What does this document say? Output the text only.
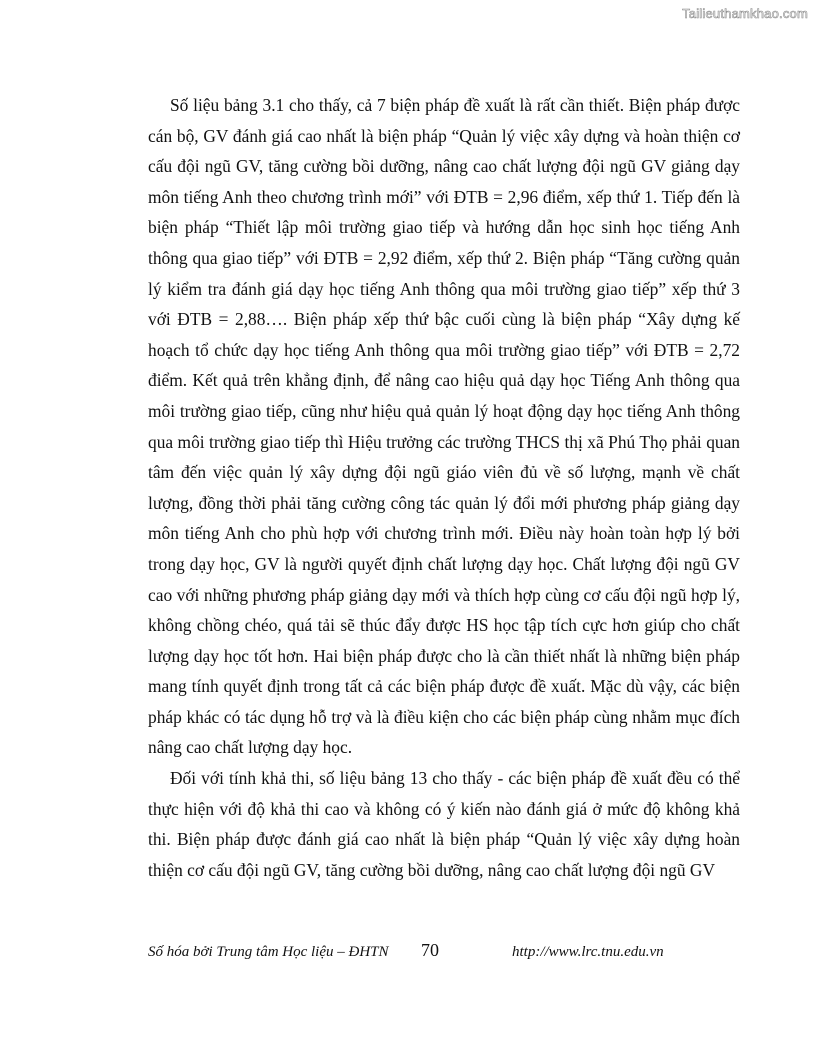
Tailieuthamkhao.com

Số liệu bảng 3.1 cho thấy, cả 7 biện pháp đề xuất là rất cần thiết. Biện pháp được cán bộ, GV đánh giá cao nhất là biện pháp “Quản lý việc xây dựng và hoàn thiện cơ cấu đội ngũ GV, tăng cường bồi dưỡng, nâng cao chất lượng đội ngũ GV giảng dạy môn tiếng Anh theo chương trình mới” với ĐTB = 2,96 điểm, xếp thứ 1. Tiếp đến là biện pháp “Thiết lập môi trường giao tiếp và hướng dẫn học sinh học tiếng Anh thông qua giao tiếp” với ĐTB = 2,92 điểm, xếp thứ 2. Biện pháp “Tăng cường quản lý kiểm tra đánh giá dạy học tiếng Anh thông qua môi trường giao tiếp” xếp thứ 3 với ĐTB = 2,88…. Biện pháp xếp thứ bậc cuối cùng là biện pháp “Xây dựng kế hoạch tổ chức dạy học tiếng Anh thông qua môi trường giao tiếp” với ĐTB = 2,72 điểm. Kết quả trên khẳng định, để nâng cao hiệu quả dạy học Tiếng Anh thông qua môi trường giao tiếp, cũng như hiệu quả quản lý hoạt động dạy học tiếng Anh thông qua môi trường giao tiếp thì Hiệu trưởng các trường THCS thị xã Phú Thọ phải quan tâm đến việc quản lý xây dựng đội ngũ giáo viên đủ về số lượng, mạnh về chất lượng, đồng thời phải tăng cường công tác quản lý đổi mới phương pháp giảng dạy môn tiếng Anh cho phù hợp với chương trình mới. Điều này hoàn toàn hợp lý bởi trong dạy học, GV là người quyết định chất lượng dạy học. Chất lượng đội ngũ GV cao với những phương pháp giảng dạy mới và thích hợp cùng cơ cấu đội ngũ hợp lý, không chồng chéo, quá tải sẽ thúc đẩy được HS học tập tích cực hơn giúp cho chất lượng dạy học tốt hơn. Hai biện pháp được cho là cần thiết nhất là những biện pháp mang tính quyết định trong tất cả các biện pháp được đề xuất. Mặc dù vậy, các biện pháp khác có tác dụng hỗ trợ và là điều kiện cho các biện pháp cùng nhằm mục đích nâng cao chất lượng dạy học.

Đối với tính khả thi, số liệu bảng 13 cho thấy - các biện pháp đề xuất đều có thể thực hiện với độ khả thi cao và không có ý kiến nào đánh giá ở mức độ không khả thi. Biện pháp được đánh giá cao nhất là biện pháp “Quản lý việc xây dựng hoàn thiện cơ cấu đội ngũ GV, tăng cường bồi dưỡng, nâng cao chất lượng đội ngũ GV

Số hóa bởi Trung tâm Học liệu – ĐHTN 70	http://www.lrc.tnu.edu.vn
